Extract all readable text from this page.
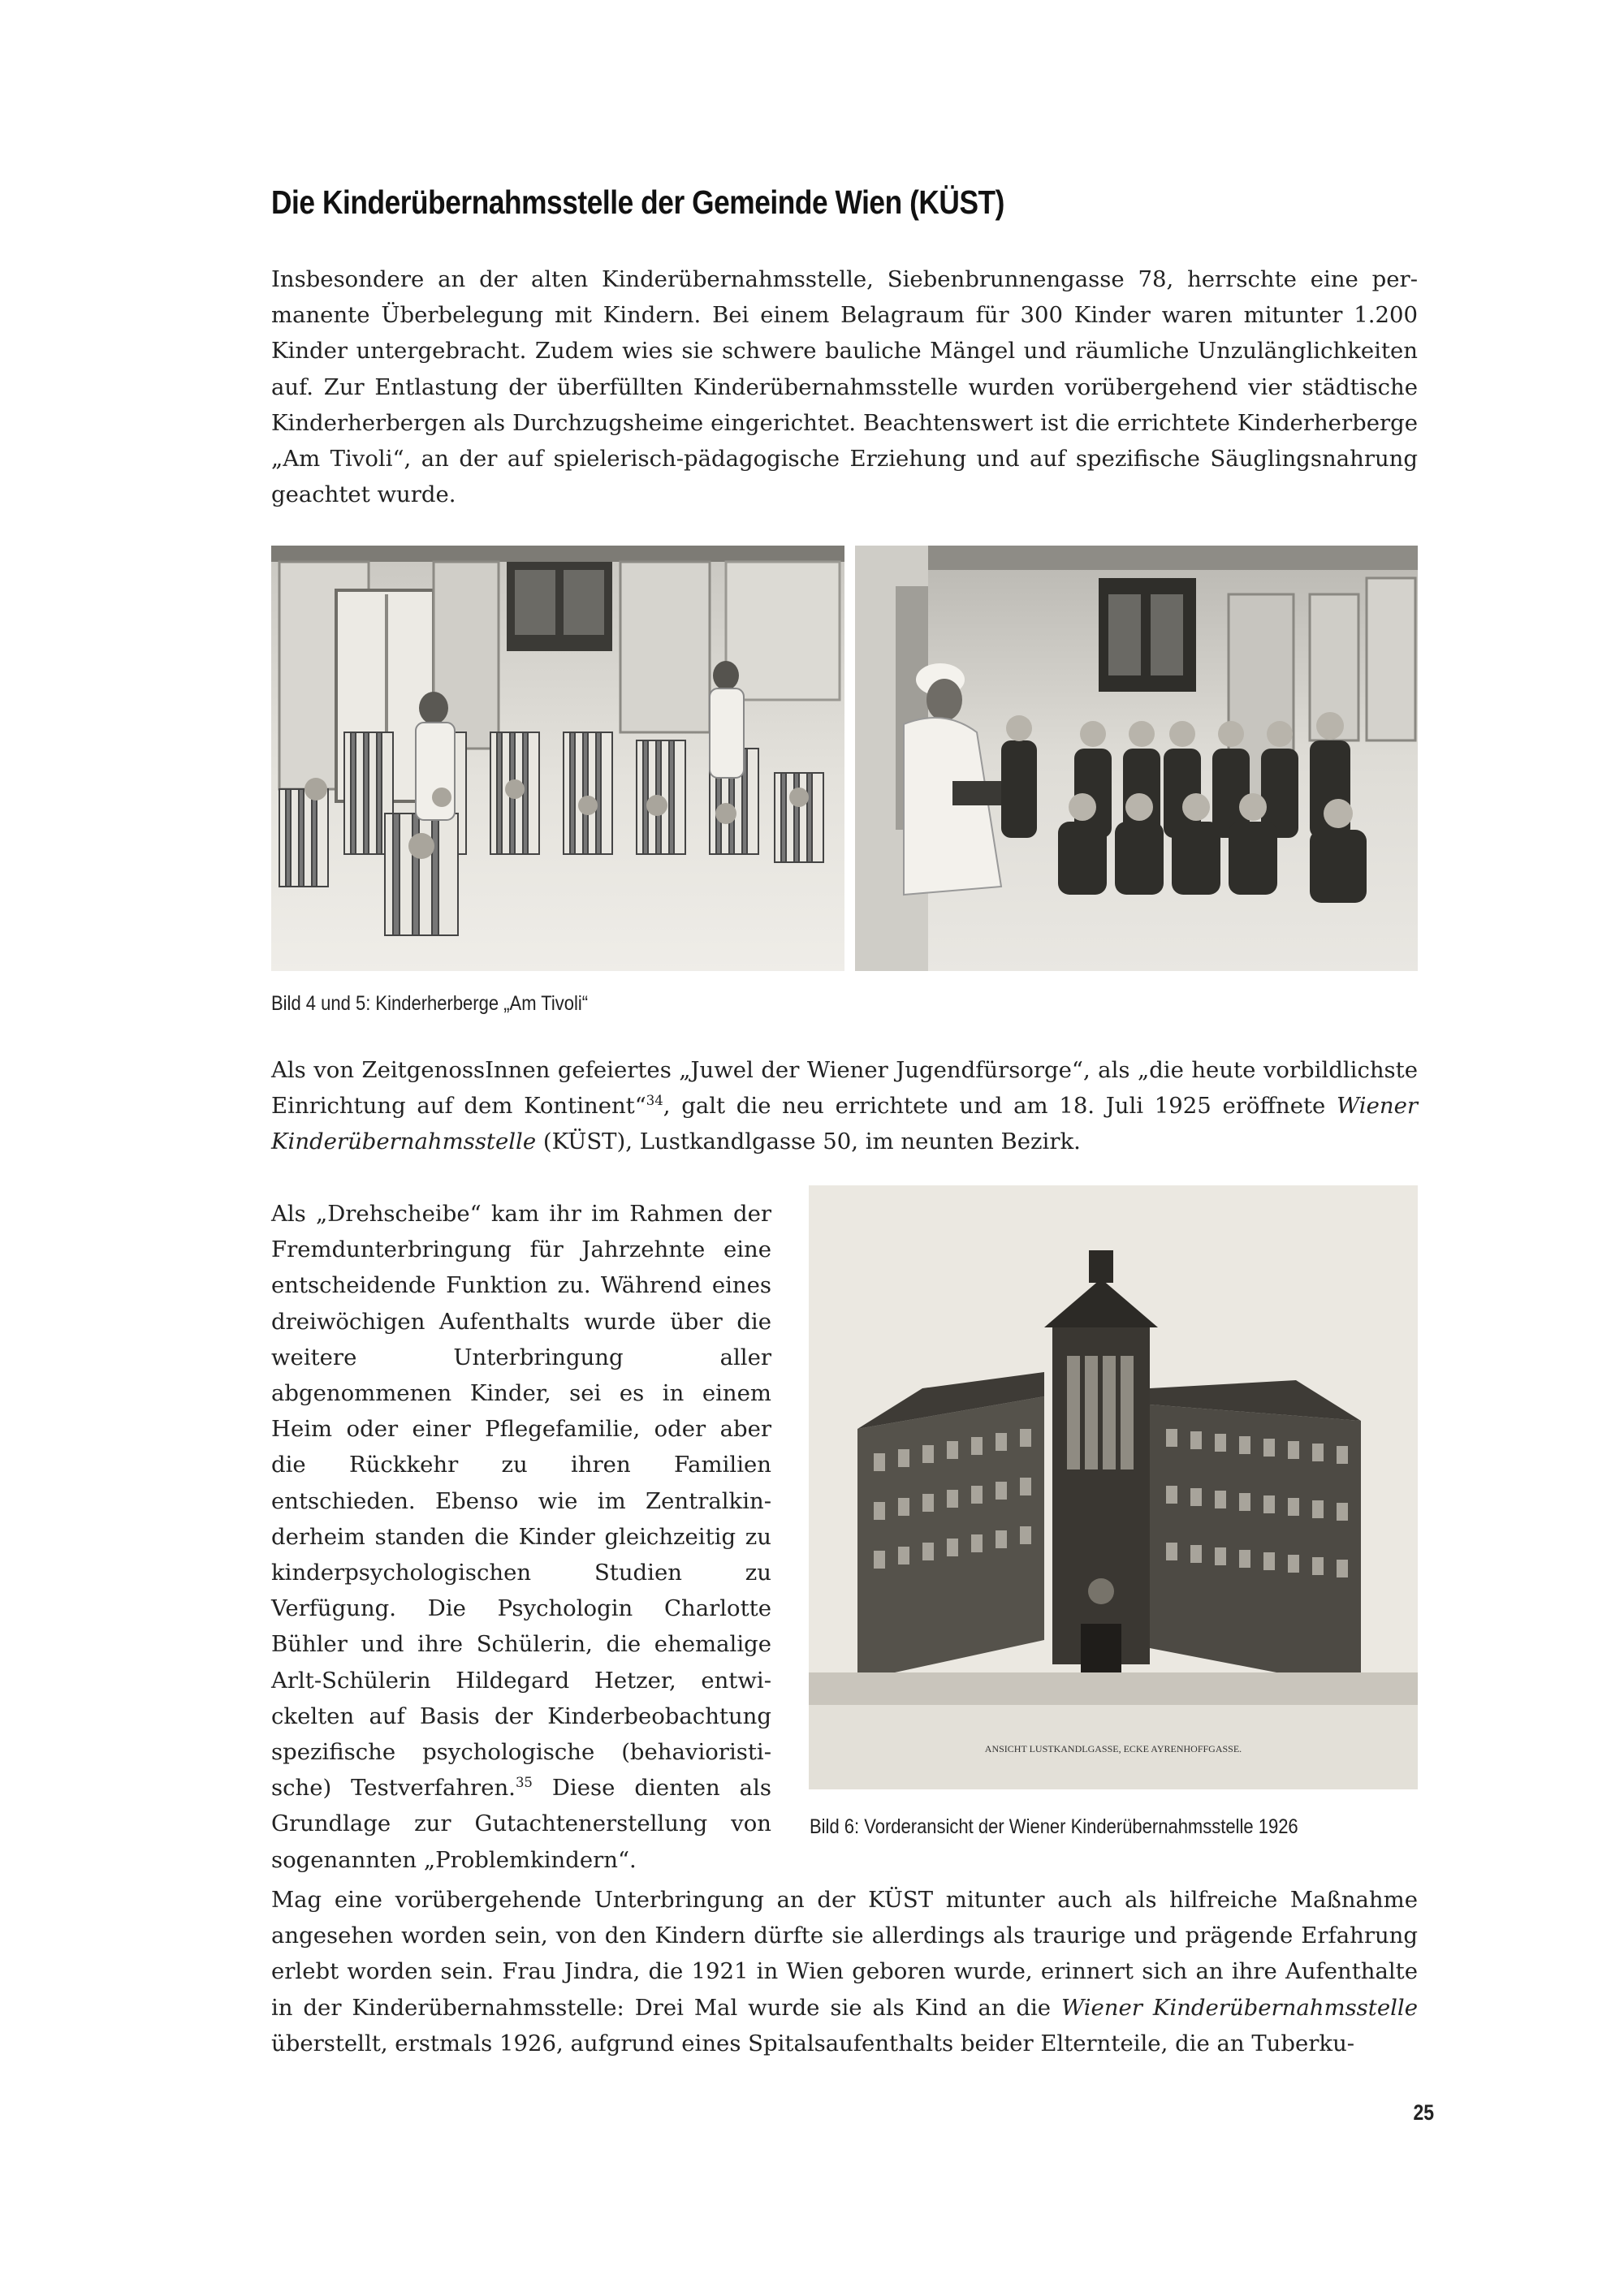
Die Kinderübernahmsstelle der Gemeinde Wien (KÜST)

Insbesondere an der alten Kinderübernahmsstelle, Siebenbrunnengasse 78, herrschte eine permanente Überbelegung mit Kindern. Bei einem Belagraum für 300 Kinder waren mitunter 1.200 Kinder untergebracht. Zudem wies sie schwere bauliche Mängel und räumliche Unzulänglichkeiten auf. Zur Entlastung der überfüllten Kinderübernahmsstelle wurden vorübergehend vier städtische Kinderherbergen als Durchzugsheime eingerichtet. Beachtenswert ist die errichtete Kinderherberge „Am Tivoli“, an der auf spielerisch-pädagogische Erziehung und auf spezifische Säuglingsnahrung geachtet wurde.

Bild 4 und 5: Kinderherberge „Am Tivoli“

Als von ZeitgenossInnen gefeiertes „Juwel der Wiener Jugendfürsorge“, als „die heute vorbildlichste Einrichtung auf dem Kontinent“$^{34}$, galt die neu errichtete und am 18. Juli 1925 eröffnete Wiener Kinderübernahmsstelle (KÜST), Lustkandlgasse 50, im neunten Bezirk.

Als „Drehscheibe“ kam ihr im Rahmen der Fremdunterbringung für Jahrzehnte eine entscheidende Funktion zu. Während eines dreiwöchigen Aufenthalts wurde über die weitere Unterbringung aller abgenommenen Kinder, sei es in einem Heim oder einer Pflegefamilie, oder aber die Rückkehr zu ihren Familien entschieden. Ebenso wie im Zentralkinderheim standen die Kinder gleichzeitig zu kinderpsychologischen Studien zu Verfügung. Die Psychologin Charlotte Bühler und ihre Schülerin, die ehemalige Arlt-Schülerin Hildegard Hetzer, entwickelten auf Basis der Kinderbeobachtung spezifische psychologische (behavioristische) Testverfahren.$^{35}$ Diese dienten als Grundlage zur Gutachtenerstellung von sogenannten „Problemkindern“.

ANSICHT LUSTKANDLGASSE, ECKE AYRENHOFFGASSE.

Bild 6: Vorderansicht der Wiener Kinderübernahmsstelle 1926

Mag eine vorübergehende Unterbringung an der KÜST mitunter auch als hilfreiche Maßnahme angesehen worden sein, von den Kindern dürfte sie allerdings als traurige und prägende Erfahrung erlebt worden sein. Frau Jindra, die 1921 in Wien geboren wurde, erinnert sich an ihre Aufenthalte in der Kinderübernahmsstelle: Drei Mal wurde sie als Kind an die Wiener Kinderübernahmsstelle überstellt, erstmals 1926, aufgrund eines Spitalsaufenthalts beider Elternteile, die an Tuberku-

25
